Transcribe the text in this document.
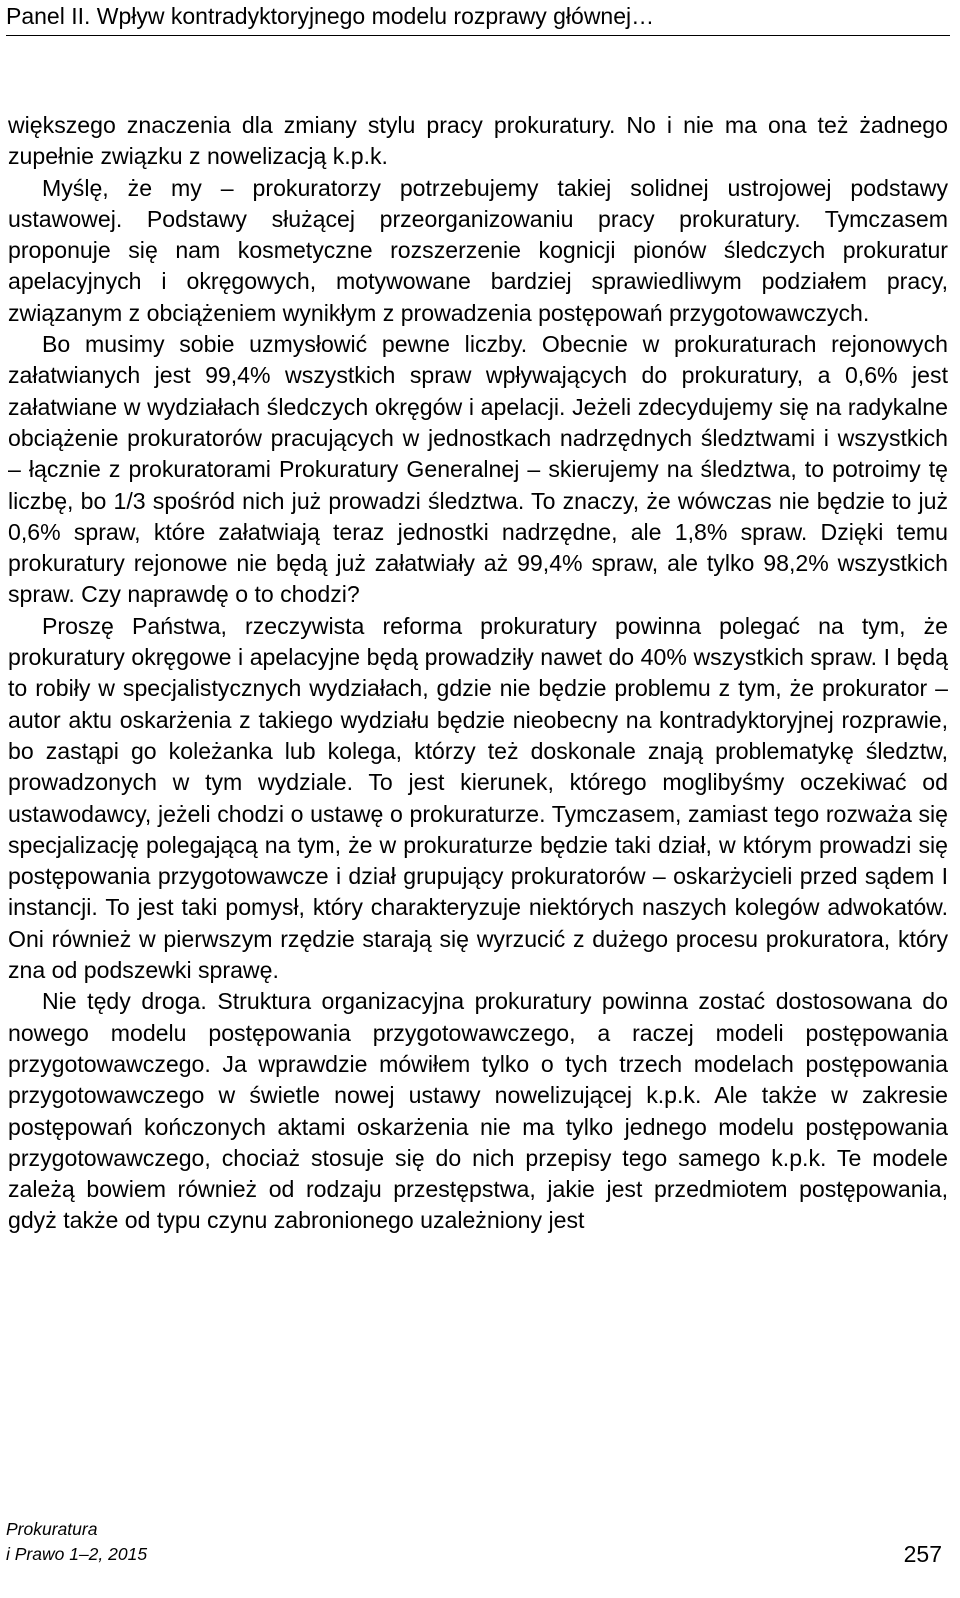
Panel II. Wpływ kontradyktoryjnego modelu rozprawy głównej…

większego znaczenia dla zmiany stylu pracy prokuratury. No i nie ma ona też żadnego zupełnie związku z nowelizacją k.p.k.

Myślę, że my – prokuratorzy potrzebujemy takiej solidnej ustrojowej podstawy ustawowej. Podstawy służącej przeorganizowaniu pracy prokuratury. Tymczasem proponuje się nam kosmetyczne rozszerzenie kognicji pionów śledczych prokuratur apelacyjnych i okręgowych, motywowane bardziej sprawiedliwym podziałem pracy, związanym z obciążeniem wynikłym z prowadzenia postępowań przygotowawczych.

Bo musimy sobie uzmysłowić pewne liczby. Obecnie w prokuraturach rejonowych załatwianych jest 99,4% wszystkich spraw wpływających do prokuratury, a 0,6% jest załatwiane w wydziałach śledczych okręgów i apelacji. Jeżeli zdecydujemy się na radykalne obciążenie prokuratorów pracujących w jednostkach nadrzędnych śledztwami i wszystkich – łącznie z prokuratorami Prokuratury Generalnej – skierujemy na śledztwa, to potroimy tę liczbę, bo 1/3 spośród nich już prowadzi śledztwa. To znaczy, że wówczas nie będzie to już 0,6% spraw, które załatwiają teraz jednostki nadrzędne, ale 1,8% spraw. Dzięki temu prokuratury rejonowe nie będą już załatwiały aż 99,4% spraw, ale tylko 98,2% wszystkich spraw. Czy naprawdę o to chodzi?

Proszę Państwa, rzeczywista reforma prokuratury powinna polegać na tym, że prokuratury okręgowe i apelacyjne będą prowadziły nawet do 40% wszystkich spraw. I będą to robiły w specjalistycznych wydziałach, gdzie nie będzie problemu z tym, że prokurator – autor aktu oskarżenia z takiego wydziału będzie nieobecny na kontradyktoryjnej rozprawie, bo zastąpi go koleżanka lub kolega, którzy też doskonale znają problematykę śledztw, prowadzonych w tym wydziale. To jest kierunek, którego moglibyśmy oczekiwać od ustawodawcy, jeżeli chodzi o ustawę o prokuraturze. Tymczasem, zamiast tego rozważa się specjalizację polegającą na tym, że w prokuraturze będzie taki dział, w którym prowadzi się postępowania przygotowawcze i dział grupujący prokuratorów – oskarżycieli przed sądem I instancji. To jest taki pomysł, który charakteryzuje niektórych naszych kolegów adwokatów. Oni również w pierwszym rzędzie starają się wyrzucić z dużego procesu prokuratora, który zna od podszewki sprawę.

Nie tędy droga. Struktura organizacyjna prokuratury powinna zostać dostosowana do nowego modelu postępowania przygotowawczego, a raczej modeli postępowania przygotowawczego. Ja wprawdzie mówiłem tylko o tych trzech modelach postępowania przygotowawczego w świetle nowej ustawy nowelizującej k.p.k. Ale także w zakresie postępowań kończonych aktami oskarżenia nie ma tylko jednego modelu postępowania przygotowawczego, chociaż stosuje się do nich przepisy tego samego k.p.k. Te modele zależą bowiem również od rodzaju przestępstwa, jakie jest przedmiotem postępowania, gdyż także od typu czynu zabronionego uzależniony jest

Prokuratura
i Prawo 1–2, 2015	257
